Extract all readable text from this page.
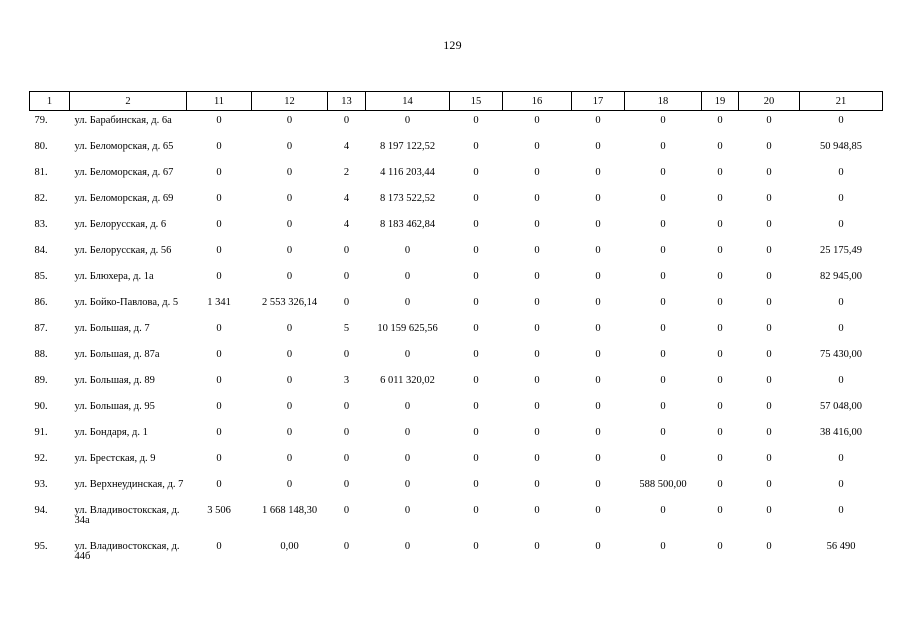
129
1	2	11	12	13	14	15	16	17	18	19	20	21
79.	ул. Барабинская, д. 6а	0	0	0	0	0	0	0	0	0	0	0
80.	ул. Беломорская, д. 65	0	0	4	8 197 122,52	0	0	0	0	0	0	50 948,85
81.	ул. Беломорская, д. 67	0	0	2	4 116 203,44	0	0	0	0	0	0	0
82.	ул. Беломорская, д. 69	0	0	4	8 173 522,52	0	0	0	0	0	0	0
83.	ул. Белорусская, д. 6	0	0	4	8 183 462,84	0	0	0	0	0	0	0
84.	ул. Белорусская, д. 56	0	0	0	0	0	0	0	0	0	0	25 175,49
85.	ул. Блюхера, д. 1а	0	0	0	0	0	0	0	0	0	0	82 945,00
86.	ул. Бойко-Павлова, д. 5	1 341	2 553 326,14	0	0	0	0	0	0	0	0	0
87.	ул. Большая, д. 7	0	0	5	10 159 625,56	0	0	0	0	0	0	0
88.	ул. Большая, д. 87а	0	0	0	0	0	0	0	0	0	0	75 430,00
89.	ул. Большая, д. 89	0	0	3	6 011 320,02	0	0	0	0	0	0	0
90.	ул. Большая, д. 95	0	0	0	0	0	0	0	0	0	0	57 048,00
91.	ул. Бондаря, д. 1	0	0	0	0	0	0	0	0	0	0	38 416,00
92.	ул. Брестская, д. 9	0	0	0	0	0	0	0	0	0	0	0
93.	ул. Верхнеудинская, д. 7	0	0	0	0	0	0	0	588 500,00	0	0	0
94.	ул. Владивостокская, д. 34а	3 506	1 668 148,30	0	0	0	0	0	0	0	0	0
95.	ул. Владивостокская, д. 44б	0	0,00	0	0	0	0	0	0	0	0	56 490
